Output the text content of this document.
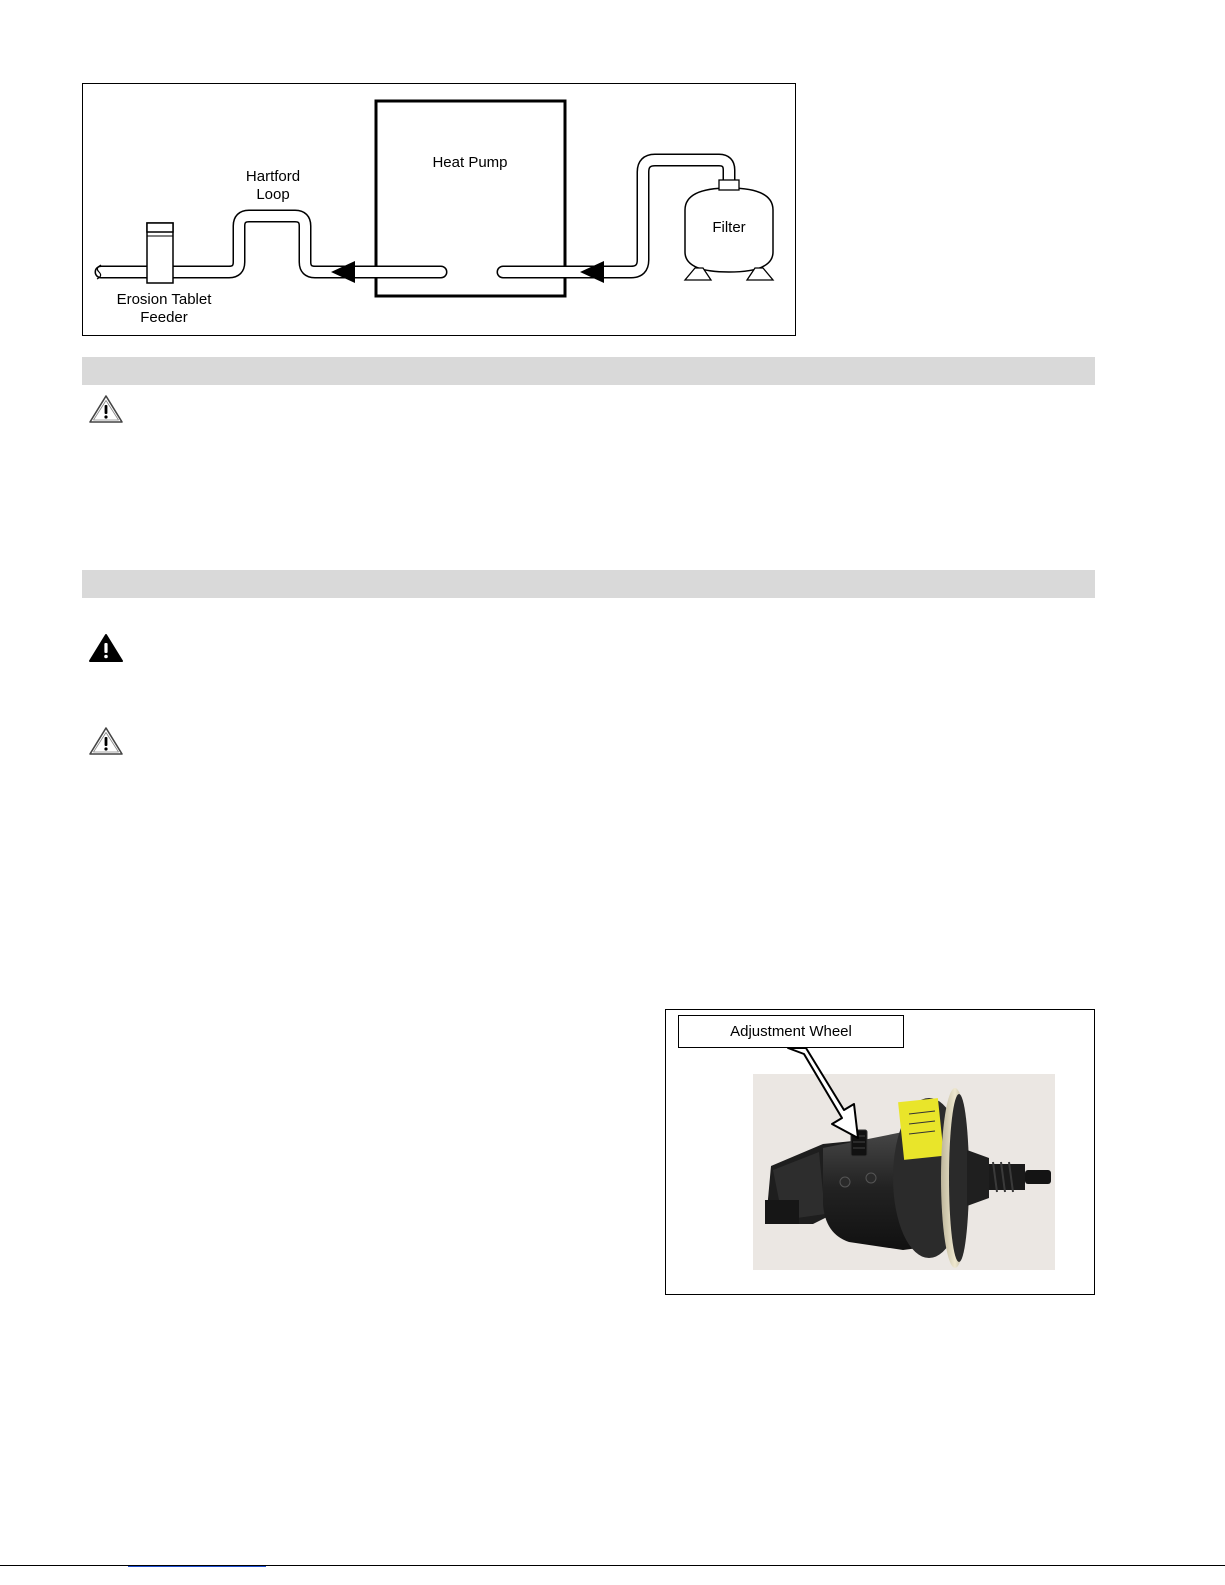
Heat Pump
Hartford
Loop
Filter
Erosion Tablet
Feeder
Adjustment Wheel
